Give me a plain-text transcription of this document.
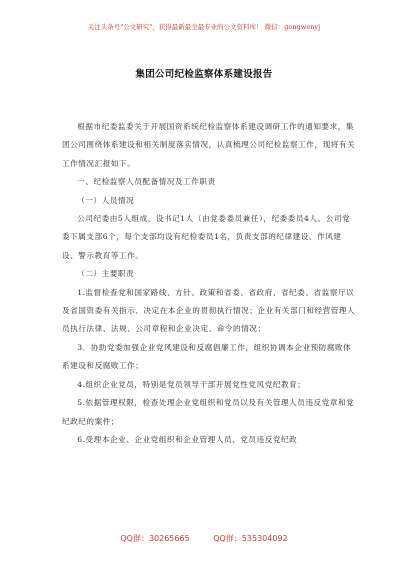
关注头条号"公文研究"，获得最新最全最专业的公文资料库！ 微信：gongwenyj
集团公司纪检监察体系建设报告

根据市纪委监委关于开展国资系统纪检监察体系建设调研工作的通知要求，集团公司围绕体系建设和相关制度落实情况，认真梳理公司纪检监察工作，现将有关工作情况汇报如下。

一、纪检监察人员配备情况及工作职责

（一）人员情况

公司纪委由5人组成，设书记1人（由党委委员兼任），纪委委员4人。公司党委下属支部6个，每个支部均设有纪检委员1名，负责支部的纪律建设、作风建设、警示教育等工作。

（二）主要职责

1.监督检查党和国家路线、方针、政策和省委、省政府、省纪委、省监察厅以及省国资委有关指示、决定在本企业的贯彻执行情况；企业有关部门和经营管理人员执行法律、法规、公司章程和企业决定、命令的情况；

3．协助党委加强企业党风建设和反腐倡廉工作，组织协调本企业预防腐败体系建设和反腐败工作；

4.组织企业党员，特别是党员领导干部开展党性党风党纪教育；

5.依据管理权限，检查处理企业党组织和党员以及有关管理人员违反党章和党纪政纪的案件；

6.受理本企业、企业党组织和企业管理人员、党员违反党纪政

QQ群：30265665	QQ群：535304092
